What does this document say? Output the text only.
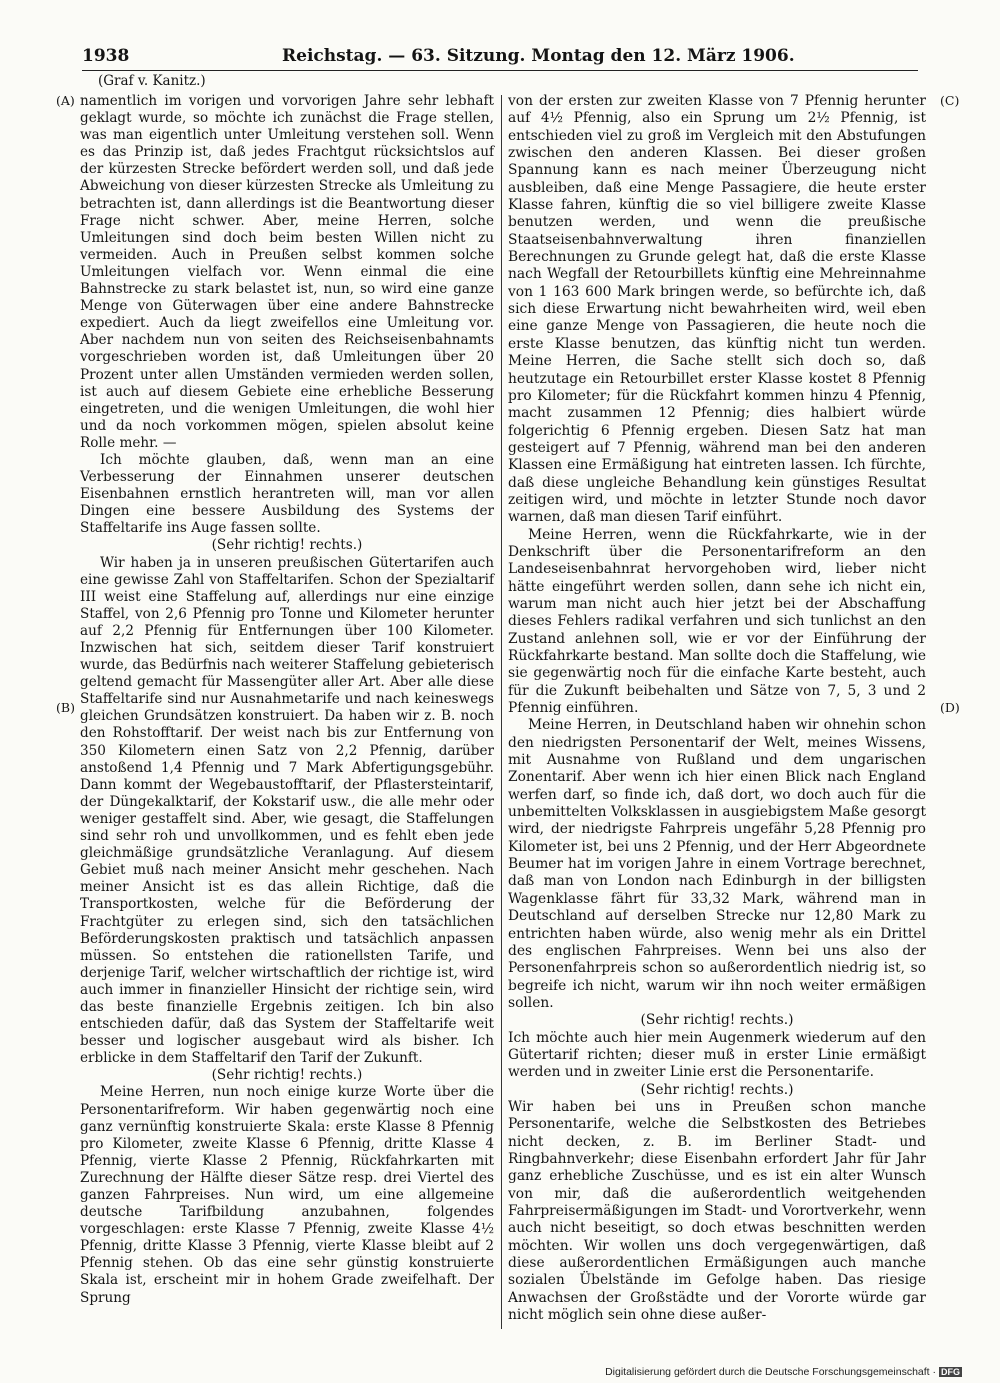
1938	Reichstag. — 63. Sitzung. Montag den 12. März 1906.
(Graf v. Kanitz.)
(A)
(B)
(C)
(D)

namentlich im vorigen und vorvorigen Jahre sehr lebhaft geklagt wurde, so möchte ich zunächst die Frage stellen, was man eigentlich unter Umleitung verstehen soll. Wenn es das Prinzip ist, daß jedes Frachtgut rücksichtslos auf der kürzesten Strecke befördert werden soll, und daß jede Abweichung von dieser kürzesten Strecke als Umleitung zu betrachten ist, dann allerdings ist die Beantwortung dieser Frage nicht schwer. Aber, meine Herren, solche Umleitungen sind doch beim besten Willen nicht zu vermeiden. Auch in Preußen selbst kommen solche Umleitungen vielfach vor. Wenn einmal die eine Bahnstrecke zu stark belastet ist, nun, so wird eine ganze Menge von Güterwagen über eine andere Bahnstrecke expediert. Auch da liegt zweifellos eine Umleitung vor. Aber nachdem nun von seiten des Reichseisenbahnamts vorgeschrieben worden ist, daß Umleitungen über 20 Prozent unter allen Umständen vermieden werden sollen, ist auch auf diesem Gebiete eine erhebliche Besserung eingetreten, und die wenigen Umleitungen, die wohl hier und da noch vorkommen mögen, spielen absolut keine Rolle mehr. —

Ich möchte glauben, daß, wenn man an eine Verbesserung der Einnahmen unserer deutschen Eisenbahnen ernstlich herantreten will, man vor allen Dingen eine bessere Ausbildung des Systems der Staffeltarife ins Auge fassen sollte.

(Sehr richtig! rechts.)

Wir haben ja in unseren preußischen Gütertarifen auch eine gewisse Zahl von Staffeltarifen. Schon der Spezialtarif III weist eine Staffelung auf, allerdings nur eine einzige Staffel, von 2,6 Pfennig pro Tonne und Kilometer herunter auf 2,2 Pfennig für Entfernungen über 100 Kilometer. Inzwischen hat sich, seitdem dieser Tarif konstruiert wurde, das Bedürfnis nach weiterer Staffelung gebieterisch geltend gemacht für Massengüter aller Art. Aber alle diese Staffeltarife sind nur Ausnahmetarife und nach keineswegs gleichen Grundsätzen konstruiert. Da haben wir z. B. noch den Rohstofftarif. Der weist nach bis zur Entfernung von 350 Kilometern einen Satz von 2,2 Pfennig, darüber anstoßend 1,4 Pfennig und 7 Mark Abfertigungsgebühr. Dann kommt der Wegebaustofftarif, der Pflastersteintarif, der Düngekalktarif, der Kokstarif usw., die alle mehr oder weniger gestaffelt sind. Aber, wie gesagt, die Staffelungen sind sehr roh und unvollkommen, und es fehlt eben jede gleichmäßige grundsätzliche Veranlagung. Auf diesem Gebiet muß nach meiner Ansicht mehr geschehen. Nach meiner Ansicht ist es das allein Richtige, daß die Transportkosten, welche für die Beförderung der Frachtgüter zu erlegen sind, sich den tatsächlichen Beförderungskosten praktisch und tatsächlich anpassen müssen. So entstehen die rationellsten Tarife, und derjenige Tarif, welcher wirtschaftlich der richtige ist, wird auch immer in finanzieller Hinsicht der richtige sein, wird das beste finanzielle Ergebnis zeitigen. Ich bin also entschieden dafür, daß das System der Staffeltarife weit besser und logischer ausgebaut wird als bisher. Ich erblicke in dem Staffeltarif den Tarif der Zukunft.

(Sehr richtig! rechts.)

Meine Herren, nun noch einige kurze Worte über die Personentarifreform. Wir haben gegenwärtig noch eine ganz vernünftig konstruierte Skala: erste Klasse 8 Pfennig pro Kilometer, zweite Klasse 6 Pfennig, dritte Klasse 4 Pfennig, vierte Klasse 2 Pfennig, Rückfahrkarten mit Zurechnung der Hälfte dieser Sätze resp. drei Viertel des ganzen Fahrpreises. Nun wird, um eine allgemeine deutsche Tarifbildung anzubahnen, folgendes vorgeschlagen: erste Klasse 7 Pfennig, zweite Klasse 4½ Pfennig, dritte Klasse 3 Pfennig, vierte Klasse bleibt auf 2 Pfennig stehen. Ob das eine sehr günstig konstruierte Skala ist, erscheint mir in hohem Grade zweifelhaft. Der Sprung

von der ersten zur zweiten Klasse von 7 Pfennig herunter auf 4½ Pfennig, also ein Sprung um 2½ Pfennig, ist entschieden viel zu groß im Vergleich mit den Abstufungen zwischen den anderen Klassen. Bei dieser großen Spannung kann es nach meiner Überzeugung nicht ausbleiben, daß eine Menge Passagiere, die heute erster Klasse fahren, künftig die so viel billigere zweite Klasse benutzen werden, und wenn die preußische Staatseisenbahnverwaltung ihren finanziellen Berechnungen zu Grunde gelegt hat, daß die erste Klasse nach Wegfall der Retourbillets künftig eine Mehreinnahme von 1 163 600 Mark bringen werde, so befürchte ich, daß sich diese Erwartung nicht bewahrheiten wird, weil eben eine ganze Menge von Passagieren, die heute noch die erste Klasse benutzen, das künftig nicht tun werden. Meine Herren, die Sache stellt sich doch so, daß heutzutage ein Retourbillet erster Klasse kostet 8 Pfennig pro Kilometer; für die Rückfahrt kommen hinzu 4 Pfennig, macht zusammen 12 Pfennig; dies halbiert würde folgerichtig 6 Pfennig ergeben. Diesen Satz hat man gesteigert auf 7 Pfennig, während man bei den anderen Klassen eine Ermäßigung hat eintreten lassen. Ich fürchte, daß diese ungleiche Behandlung kein günstiges Resultat zeitigen wird, und möchte in letzter Stunde noch davor warnen, daß man diesen Tarif einführt.

Meine Herren, wenn die Rückfahrkarte, wie in der Denkschrift über die Personentarifreform an den Landeseisenbahnrat hervorgehoben wird, lieber nicht hätte eingeführt werden sollen, dann sehe ich nicht ein, warum man nicht auch hier jetzt bei der Abschaffung dieses Fehlers radikal verfahren und sich tunlichst an den Zustand anlehnen soll, wie er vor der Einführung der Rückfahrkarte bestand. Man sollte doch die Staffelung, wie sie gegenwärtig noch für die einfache Karte besteht, auch für die Zukunft beibehalten und Sätze von 7, 5, 3 und 2 Pfennig einführen.

Meine Herren, in Deutschland haben wir ohnehin schon den niedrigsten Personentarif der Welt, meines Wissens, mit Ausnahme von Rußland und dem ungarischen Zonentarif. Aber wenn ich hier einen Blick nach England werfen darf, so finde ich, daß dort, wo doch auch für die unbemittelten Volksklassen in ausgiebigstem Maße gesorgt wird, der niedrigste Fahrpreis ungefähr 5,28 Pfennig pro Kilometer ist, bei uns 2 Pfennig, und der Herr Abgeordnete Beumer hat im vorigen Jahre in einem Vortrage berechnet, daß man von London nach Edinburgh in der billigsten Wagenklasse fährt für 33,32 Mark, während man in Deutschland auf derselben Strecke nur 12,80 Mark zu entrichten haben würde, also wenig mehr als ein Drittel des englischen Fahrpreises. Wenn bei uns also der Personenfahrpreis schon so außerordentlich niedrig ist, so begreife ich nicht, warum wir ihn noch weiter ermäßigen sollen.

(Sehr richtig! rechts.)

Ich möchte auch hier mein Augenmerk wiederum auf den Gütertarif richten; dieser muß in erster Linie ermäßigt werden und in zweiter Linie erst die Personentarife.

(Sehr richtig! rechts.)

Wir haben bei uns in Preußen schon manche Personentarife, welche die Selbstkosten des Betriebes nicht decken, z. B. im Berliner Stadt- und Ringbahnverkehr; diese Eisenbahn erfordert Jahr für Jahr ganz erhebliche Zuschüsse, und es ist ein alter Wunsch von mir, daß die außerordentlich weitgehenden Fahrpreisermäßigungen im Stadt- und Vorortverkehr, wenn auch nicht beseitigt, so doch etwas beschnitten werden möchten. Wir wollen uns doch vergegenwärtigen, daß diese außerordentlichen Ermäßigungen auch manche sozialen Übelstände im Gefolge haben. Das riesige Anwachsen der Großstädte und der Vororte würde gar nicht möglich sein ohne diese außer-

Digitalisierung gefördert durch die Deutsche Forschungsgemeinschaft · DFG
